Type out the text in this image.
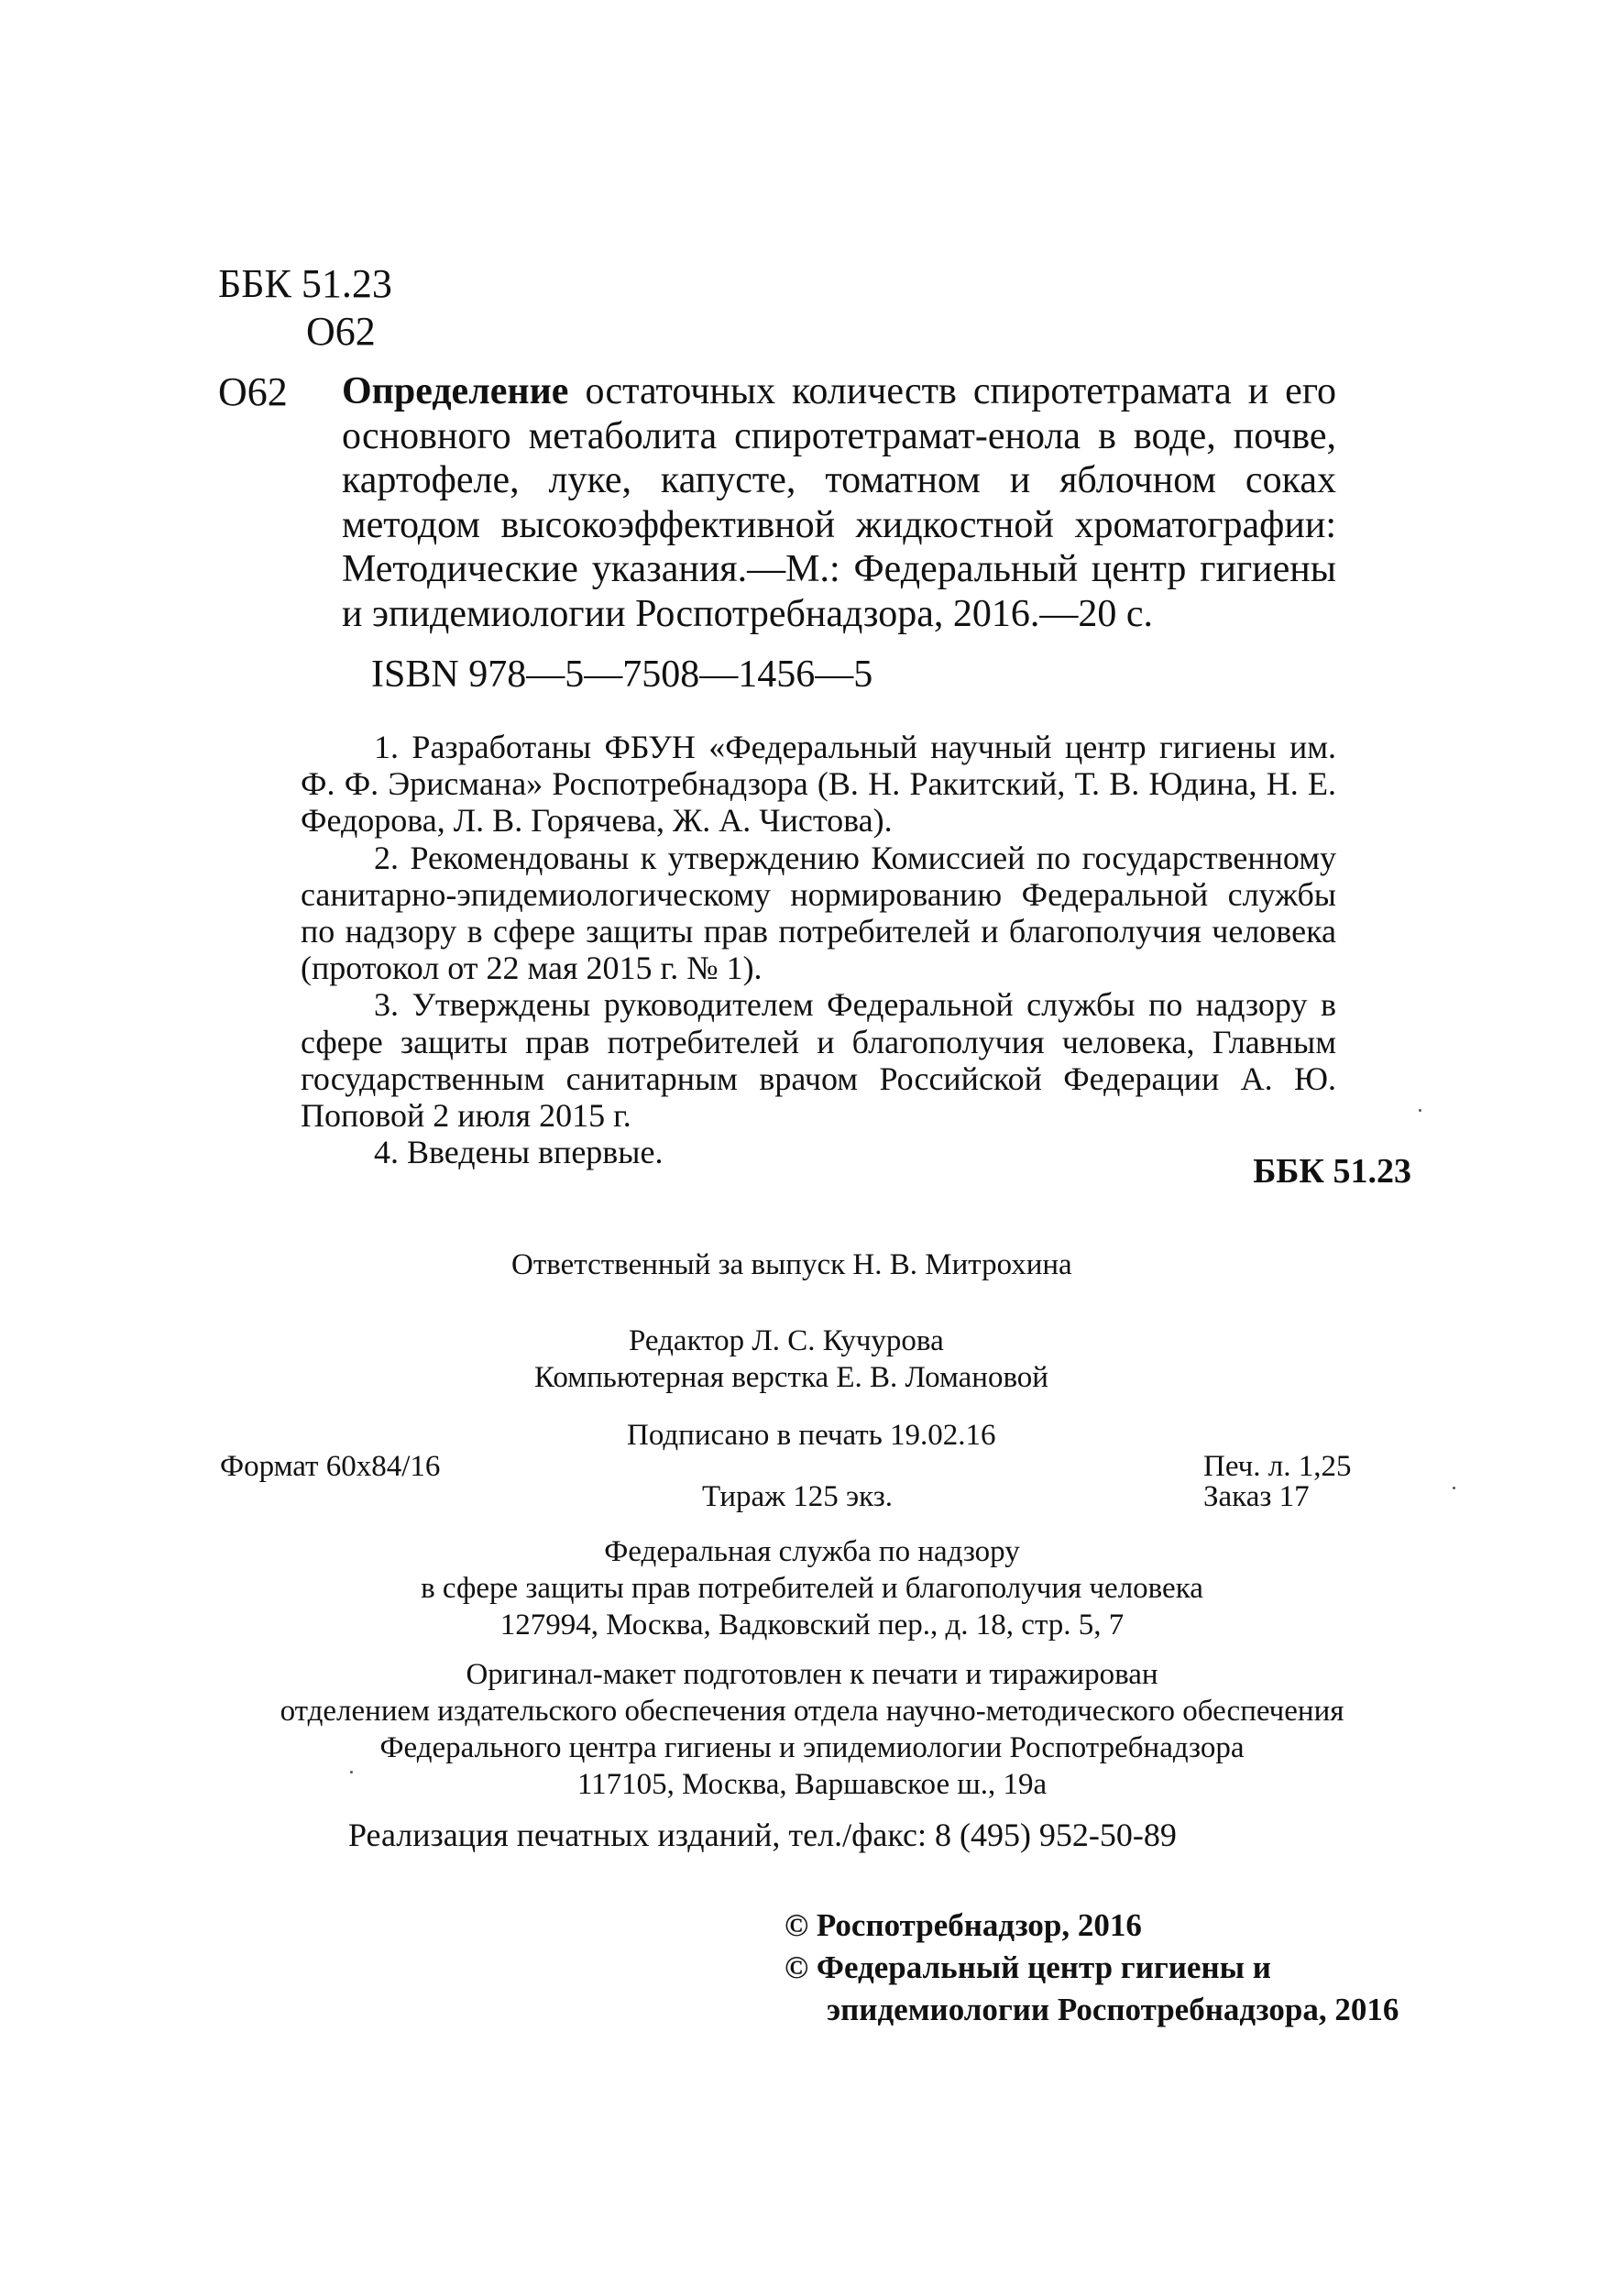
ББК 51.23
О62
О62 Определение остаточных количеств спиротетрамата и его основного метаболита спиротетрамат-енола в воде, почве, картофеле, луке, капусте, томатном и яблочном соках методом высокоэффективной жидкостной хроматографии: Методические указания.—М.: Федеральный центр гигиены и эпидемиологии Роспотребнадзора, 2016.—20 с.

ISBN 978—5—7508—1456—5

1. Разработаны ФБУН «Федеральный научный центр гигиены им. Ф. Ф. Эрисмана» Роспотребнадзора (В. Н. Ракитский, Т. В. Юдина, Н. Е. Федорова, Л. В. Горячева, Ж. А. Чистова).

2. Рекомендованы к утверждению Комиссией по государственному санитарно-эпидемиологическому нормированию Федеральной службы по надзору в сфере защиты прав потребителей и благополучия человека (протокол от 22 мая 2015 г. № 1).

3. Утверждены руководителем Федеральной службы по надзору в сфере защиты прав потребителей и благополучия человека, Главным государственным санитарным врачом Российской Федерации А. Ю. Поповой 2 июля 2015 г.

4. Введены впервые.	ББК 51.23
Ответственный за выпуск Н. В. Митрохина
Редактор Л. С. Кучурова
Компьютерная верстка Е. В. Ломановой
Подписано в печать 19.02.16
Формат 60x84/16	Печ. л. 1,25
Тираж 125 экз.	Заказ 17
Федеральная служба по надзору
в сфере защиты прав потребителей и благополучия человека
127994, Москва, Вадковский пер., д. 18, стр. 5, 7
Оригинал-макет подготовлен к печати и тиражирован
отделением издательского обеспечения отдела научно-методического обеспечения
Федерального центра гигиены и эпидемиологии Роспотребнадзора
117105, Москва, Варшавское ш., 19а
Реализация печатных изданий, тел./факс: 8 (495) 952-50-89
© Роспотребнадзор, 2016
© Федеральный центр гигиены и
эпидемиологии Роспотребнадзора, 2016
